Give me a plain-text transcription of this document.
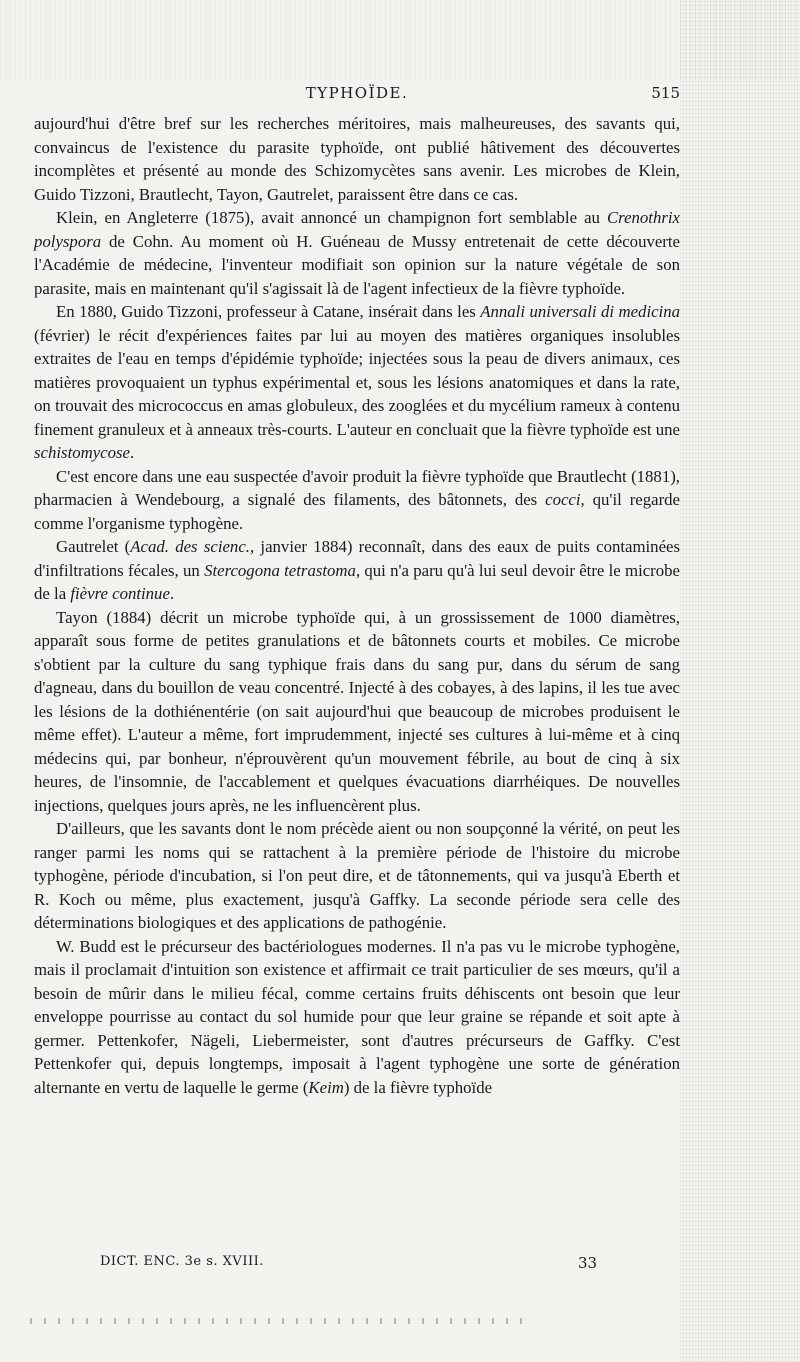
TYPHOÏDE.	515

aujourd'hui d'être bref sur les recherches méritoires, mais malheureuses, des savants qui, convaincus de l'existence du parasite typhoïde, ont publié hâtivement des découvertes incomplètes et présenté au monde des Schizomycètes sans avenir. Les microbes de Klein, Guido Tizzoni, Brautlecht, Tayon, Gautrelet, paraissent être dans ce cas.

Klein, en Angleterre (1875), avait annoncé un champignon fort semblable au Crenothrix polyspora de Cohn. Au moment où H. Guéneau de Mussy entretenait de cette découverte l'Académie de médecine, l'inventeur modifiait son opinion sur la nature végétale de son parasite, mais en maintenant qu'il s'agissait là de l'agent infectieux de la fièvre typhoïde.

En 1880, Guido Tizzoni, professeur à Catane, insérait dans les Annali universali di medicina (février) le récit d'expériences faites par lui au moyen des matières organiques insolubles extraites de l'eau en temps d'épidémie typhoïde; injectées sous la peau de divers animaux, ces matières provoquaient un typhus expérimental et, sous les lésions anatomiques et dans la rate, on trouvait des micrococcus en amas globuleux, des zooglées et du mycélium rameux à contenu finement granuleux et à anneaux très-courts. L'auteur en concluait que la fièvre typhoïde est une schistomycose.

C'est encore dans une eau suspectée d'avoir produit la fièvre typhoïde que Brautlecht (1881), pharmacien à Wendebourg, a signalé des filaments, des bâtonnets, des cocci, qu'il regarde comme l'organisme typhogène.

Gautrelet (Acad. des scienc., janvier 1884) reconnaît, dans des eaux de puits contaminées d'infiltrations fécales, un Stercogona tetrastoma, qui n'a paru qu'à lui seul devoir être le microbe de la fièvre continue.

Tayon (1884) décrit un microbe typhoïde qui, à un grossissement de 1000 diamètres, apparaît sous forme de petites granulations et de bâtonnets courts et mobiles. Ce microbe s'obtient par la culture du sang typhique frais dans du sang pur, dans du sérum de sang d'agneau, dans du bouillon de veau concentré. Injecté à des cobayes, à des lapins, il les tue avec les lésions de la dothiénentérie (on sait aujourd'hui que beaucoup de microbes produisent le même effet). L'auteur a même, fort imprudemment, injecté ses cultures à lui-même et à cinq médecins qui, par bonheur, n'éprouvèrent qu'un mouvement fébrile, au bout de cinq à six heures, de l'insomnie, de l'accablement et quelques évacuations diarrhéiques. De nouvelles injections, quelques jours après, ne les influencèrent plus.

D'ailleurs, que les savants dont le nom précède aient ou non soupçonné la vérité, on peut les ranger parmi les noms qui se rattachent à la première période de l'histoire du microbe typhogène, période d'incubation, si l'on peut dire, et de tâtonnements, qui va jusqu'à Eberth et R. Koch ou même, plus exactement, jusqu'à Gaffky. La seconde période sera celle des déterminations biologiques et des applications de pathogénie.

W. Budd est le précurseur des bactériologues modernes. Il n'a pas vu le microbe typhogène, mais il proclamait d'intuition son existence et affirmait ce trait particulier de ses mœurs, qu'il a besoin de mûrir dans le milieu fécal, comme certains fruits déhiscents ont besoin que leur enveloppe pourrisse au contact du sol humide pour que leur graine se répande et soit apte à germer. Pettenkofer, Nägeli, Liebermeister, sont d'autres précurseurs de Gaffky. C'est Pettenkofer qui, depuis longtemps, imposait à l'agent typhogène une sorte de génération alternante en vertu de laquelle le germe (Keim) de la fièvre typhoïde

DICT. ENC. 3e s. XVIII.	33
